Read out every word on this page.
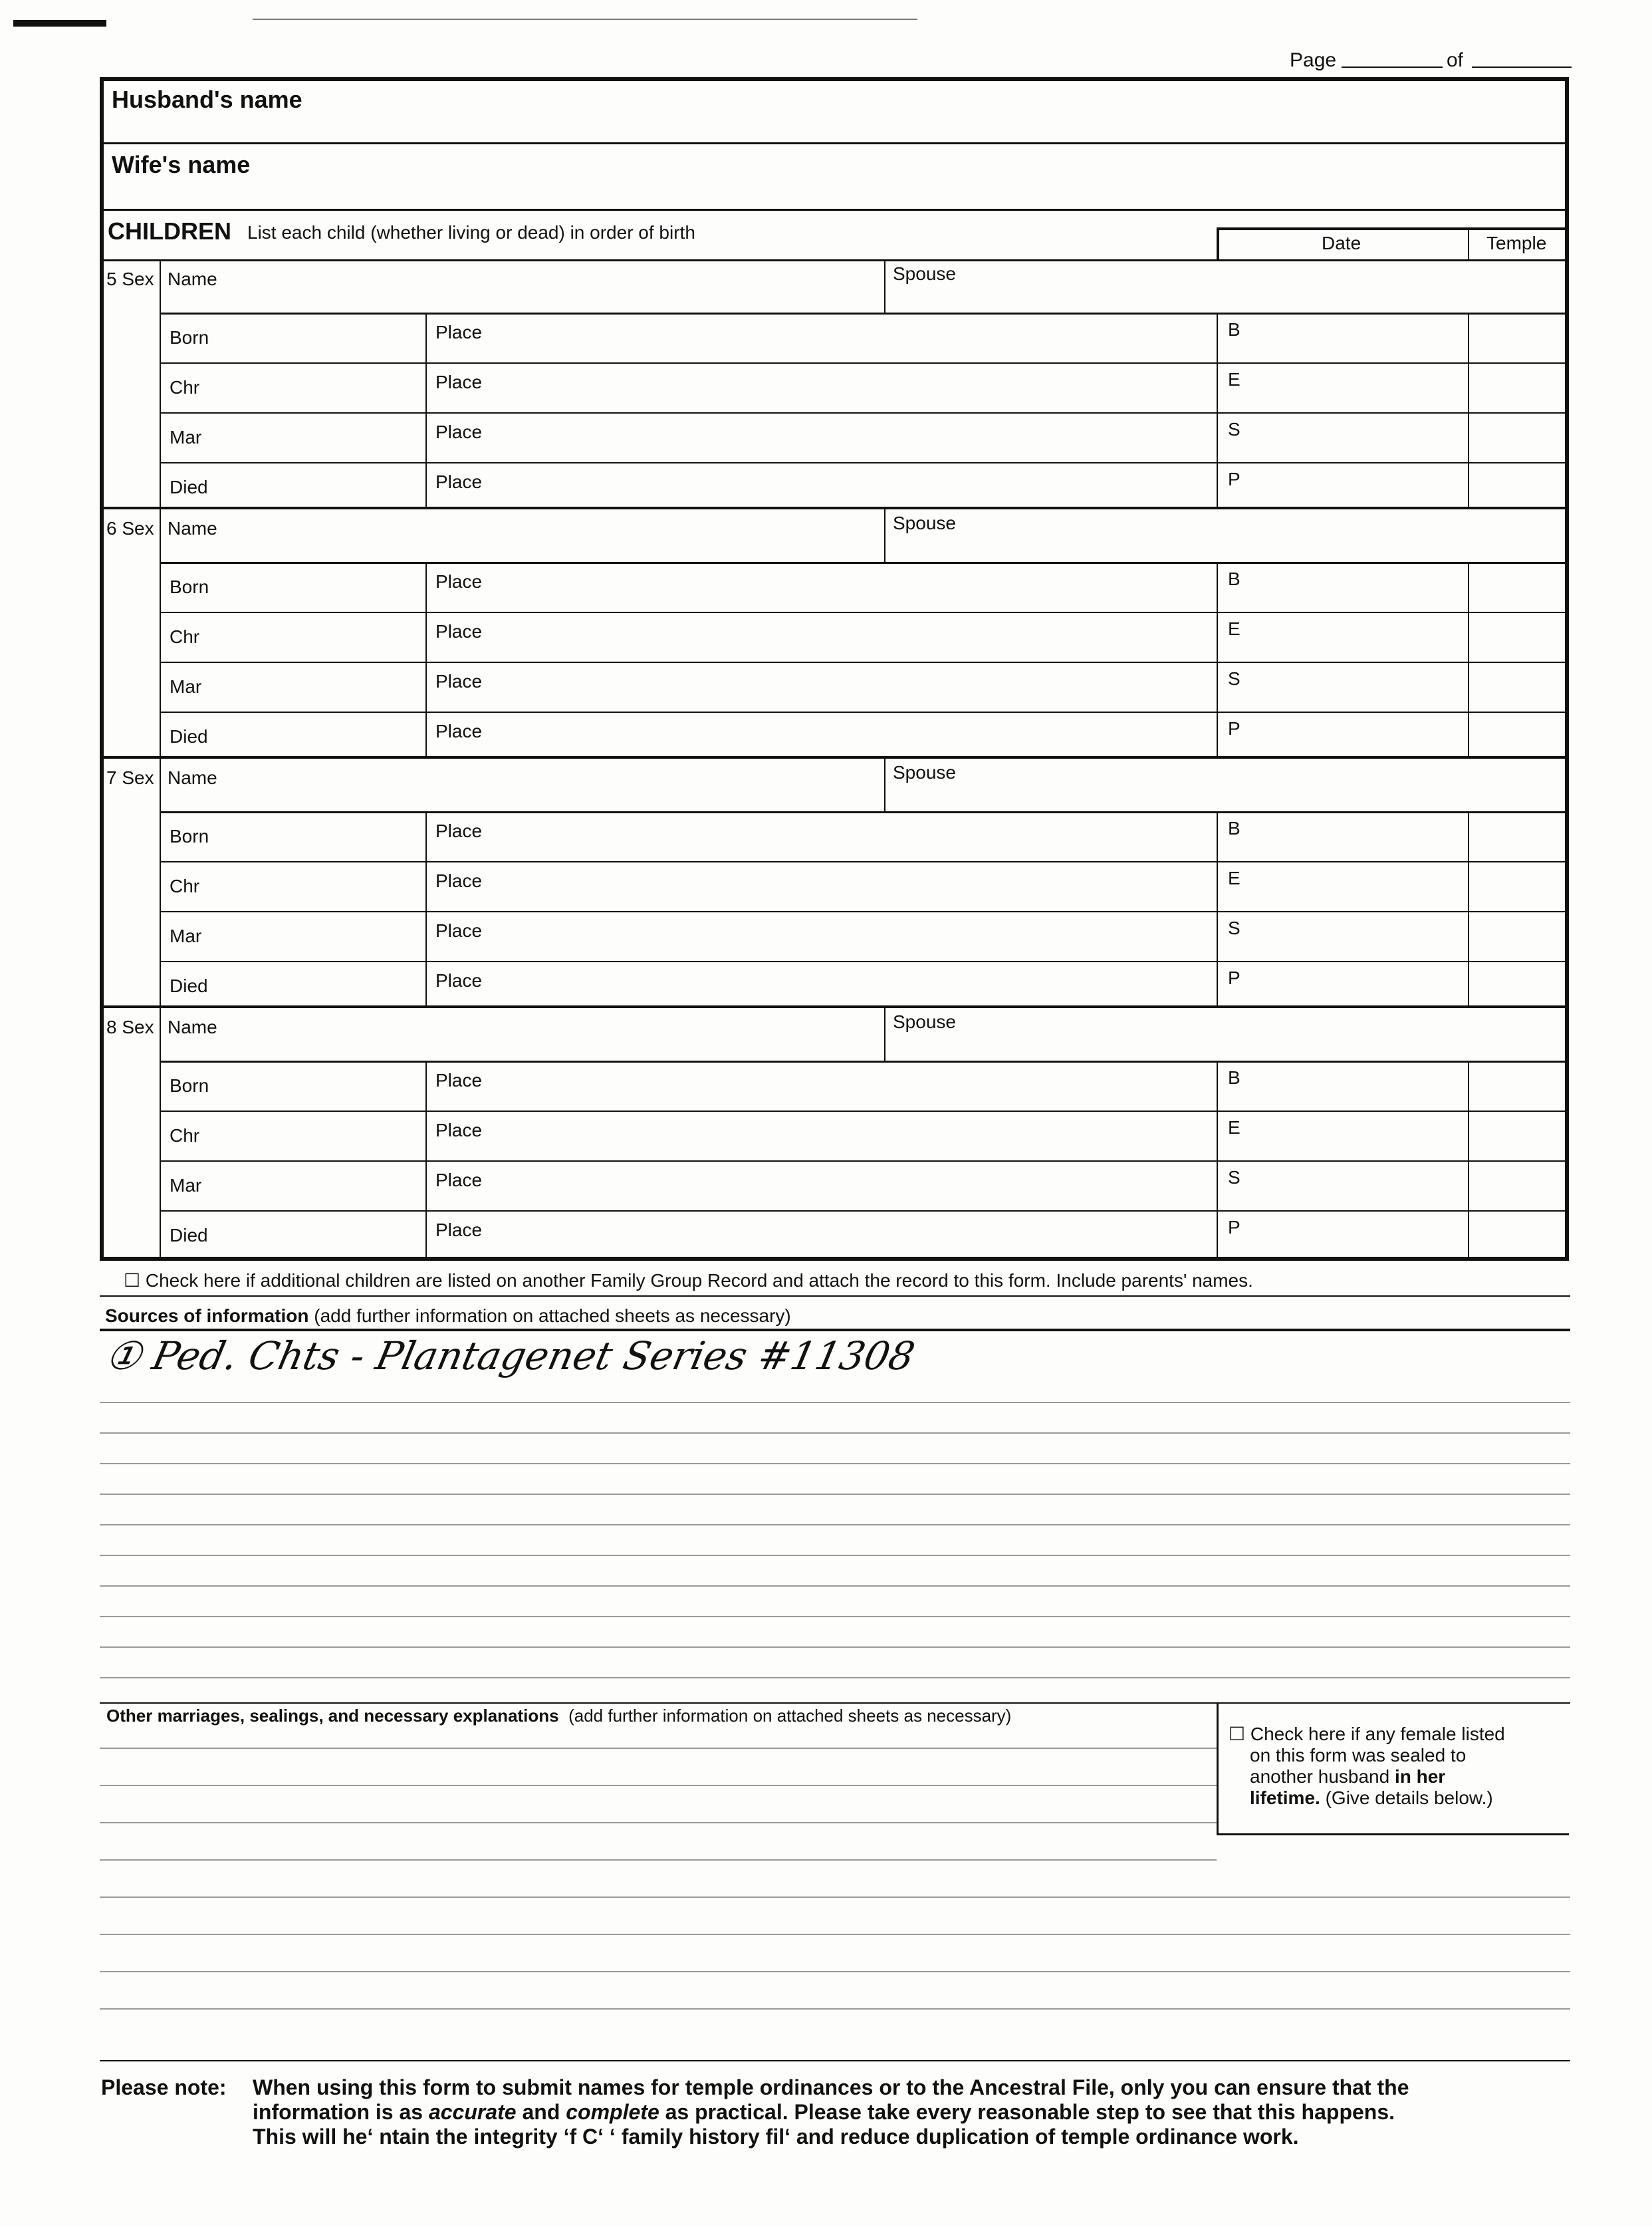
Page	of
Husband's name
Wife's name
CHILDREN List each child (whether living or dead) in order of birth
Date	Temple
5 Sex Name	Spouse
Born	Place	B
Chr	Place	E
Mar	Place	S
Died	Place	P
6 Sex Name	Spouse
Born	Place	B
Chr	Place	E
Mar	Place	S
Died	Place	P
7 Sex Name	Spouse
Born	Place	B
Chr	Place	E
Mar	Place	S
Died	Place	P
8 Sex Name	Spouse
Born	Place	B
Chr	Place	E
Mar	Place	S
Died	Place	P
☐ Check here if additional children are listed on another Family Group Record and attach the record to this form. Include parents' names.
Sources of information (add further information on attached sheets as necessary)
① Ped. Chts - Plantagenet Series #11308
Other marriages, sealings, and necessary explanations (add further information on attached sheets as necessary)
☐ Check here if any female listed
on this form was sealed to
another husband in her
lifetime. (Give details below.)
Please note: When using this form to submit names for temple ordinances or to the Ancestral File, only you can ensure that the
information is as accurate and complete as practical. Please take every reasonable step to see that this happens.
This will he‘ ntain the integrity ‘f C‘ ‘ family history fil‘ and reduce duplication of temple ordinance work.
